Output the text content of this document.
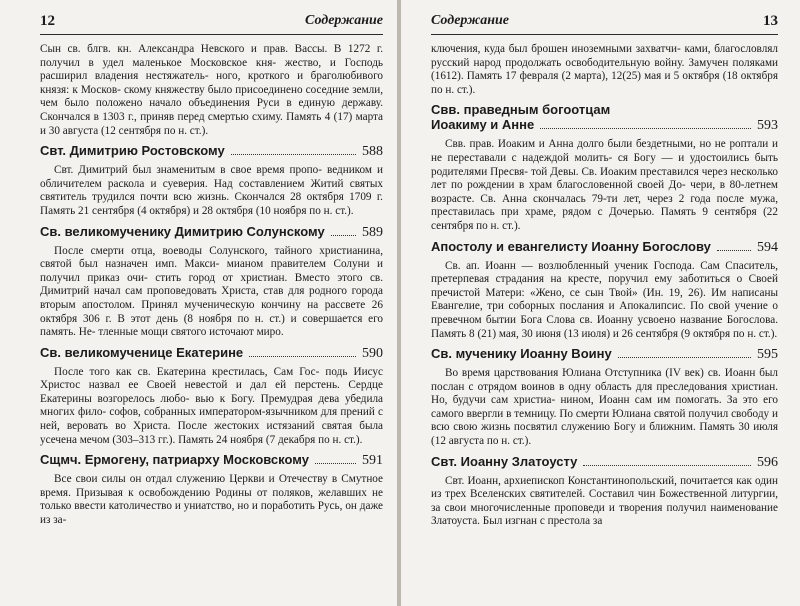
12	Содержание
Сын св. блгв. кн. Александра Невского и прав. Вассы. В 1272 г. получил в удел маленькое Московское кня- жество, и Господь расширил владения нестяжатель- ного, кроткого и браголюбивого князя: к Москов- скому княжеству было присоединено соседние земли, чем было положено начало объединения Руси в единую державу. Скончался в 1303 г., приняв перед смертью схиму. Память 4 (17) марта и 30 августа (12 сентября по н. ст.).
Свт. Димитрию Ростовскому	588
Свт. Димитрий был знаменитым в свое время пропо- ведником и обличителем раскола и суеверия. Над составлением Житий святых святитель трудился почти всю жизнь. Скончался 28 октября 1709 г. Память 21 сентября (4 октября) и 28 октября (10 ноября по н. ст.).
Св. великомученику Димитрию Солунскому	589
После смерти отца, воеводы Солунского, тайного христианина, святой был назначен имп. Макси- мианом правителем Солуни и получил приказ очи- стить город от христиан. Вместо этого св. Димитрий начал сам проповедовать Христа, став для родного города вторым апостолом. Принял мученическую кончину на рассвете 26 октября 306 г. В этот день (8 ноября по н. ст.) и совершается его память. Не- тленные мощи святого источают миро.
Св. великомученице Екатерине	590
После того как св. Екатерина крестилась, Сам Гос- подь Иисус Христос назвал ее Своей невестой и дал ей перстень. Сердце Екатерины возгорелось любо- вью к Богу. Премудрая дева убедила многих фило- софов, собранных императором-язычником для прений с ней, веровать во Христа. После жестоких истязаний святая была усечена мечом (303–313 гг.). Память 24 ноября (7 декабря по н. ст.).
Сщмч. Ермогену, патриарху Московскому	591
Все свои силы он отдал служению Церкви и Отечеству в Смутное время. Призывая к освобождению Родины от поляков, желавших не только ввести католичество и униатство, но и поработить Русь, он даже из за-
Содержание	13
ключения, куда был брошен иноземными захватчи- ками, благословлял русский народ продолжать освободительную войну. Замучен поляками (1612). Память 17 февраля (2 марта), 12(25) мая и 5 октября (18 октября по н. ст.).
Свв. праведным богоотцам
Иоакиму и Анне	593
Свв. прав. Иоаким и Анна долго были бездетными, но не роптали и не переставали с надеждой молить- ся Богу — и удостоились быть родителями Пресвя- той Девы. Св. Иоаким преставился через несколько лет по рождении в храм благословенной своей До- чери, в 80-летнем возрасте. Св. Анна скончалась 79-ти лет, через 2 года после мужа, преставилась при храме, рядом с Дочерью. Память 9 сентября (22 сентября по н. ст.).
Апостолу и евангелисту Иоанну Богослову	594
Св. ап. Иоанн — возлюбленный ученик Господа. Сам Спаситель, претерпевая страдания на кресте, поручил ему заботиться о Своей пречистой Матери: «Жено, се сын Твой» (Ин. 19, 26). Им написаны Евангелие, три соборных послания и Апокалипсис. По свой учение о превечном бытии Бога Слова св. Иоанну усвоено название Богослова. Память 8 (21) мая, 30 июня (13 июля) и 26 сентября (9 октября по н. ст.).
Св. мученику Иоанну Воину	595
Во время царствования Юлиана Отступника (IV век) св. Иоанн был послан с отрядом воинов в одну область для преследования христиан. Но, будучи сам христиа- нином, Иоанн сам им помогать. За это его самого ввергли в темницу. По смерти Юлиана святой получил свободу и всю свою жизнь посвятил служению Богу и ближним. Память 30 июля (12 августа по н. ст.).
Свт. Иоанну Златоусту	596
Свт. Иоанн, архиепископ Константинопольский, почитается как один из трех Вселенских святителей. Составил чин Божественной литургии, за свои многочисленные проповеди и творения получил наименование Златоуста. Был изгнан с престола за
